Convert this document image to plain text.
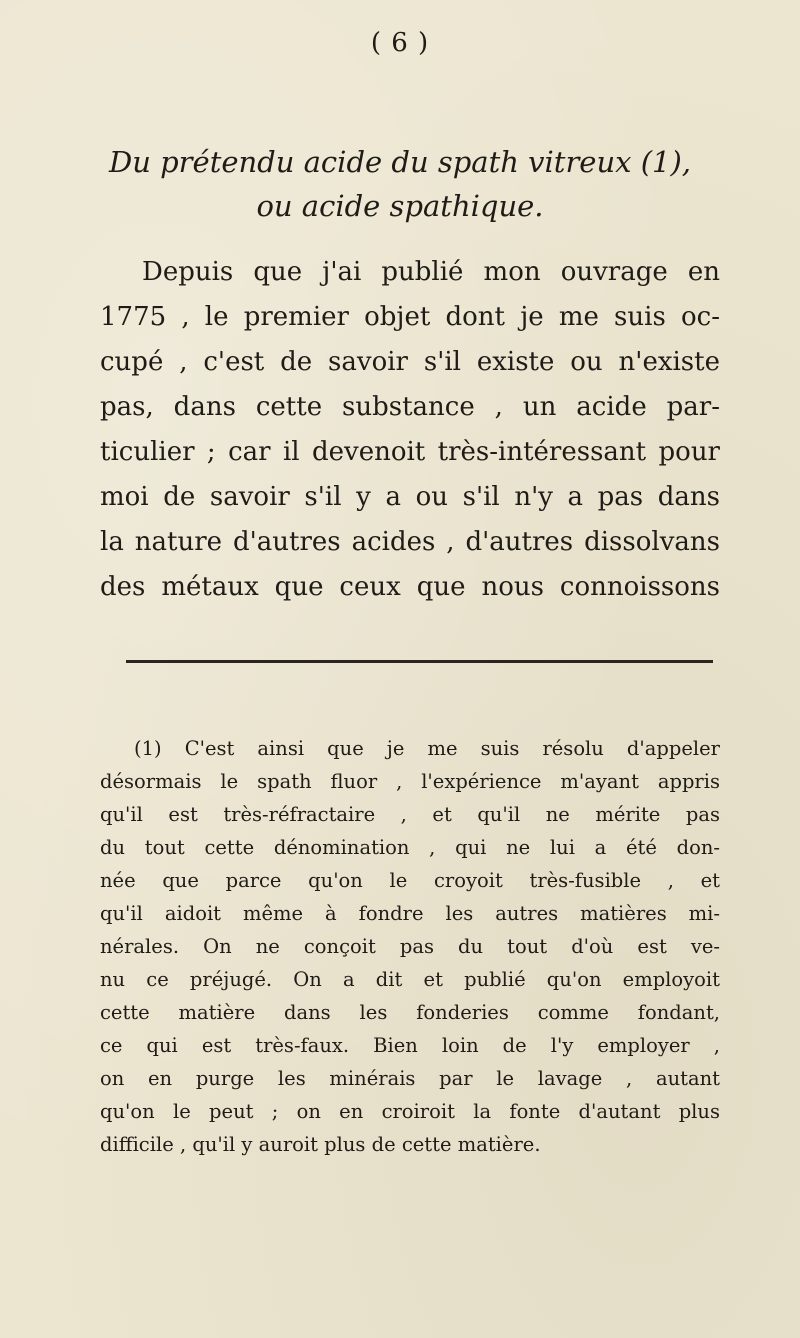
( 6 )
Du prétendu acide du spath vitreux (1),
ou acide spathique.
Depuis que j'ai publié mon ouvrage en
1775 , le premier objet dont je me suis oc-
cupé , c'est de savoir s'il existe ou n'existe
pas, dans cette substance , un acide par-
ticulier ; car il devenoit très-intéressant pour
moi de savoir s'il y a ou s'il n'y a pas dans
la nature d'autres acides , d'autres dissolvans
des métaux que ceux que nous connoissons
(1) C'est ainsi que je me suis résolu d'appeler
désormais le spath fluor , l'expérience m'ayant appris
qu'il est très-réfractaire , et qu'il ne mérite pas
du tout cette dénomination , qui ne lui a été don-
née que parce qu'on le croyoit très-fusible , et
qu'il aidoit même à fondre les autres matières mi-
nérales. On ne conçoit pas du tout d'où est ve-
nu ce préjugé. On a dit et publié qu'on employoit
cette matière dans les fonderies comme fondant,
ce qui est très-faux. Bien loin de l'y employer ,
on en purge les minérais par le lavage , autant
qu'on le peut ; on en croiroit la fonte d'autant plus
difficile , qu'il y auroit plus de cette matière.
